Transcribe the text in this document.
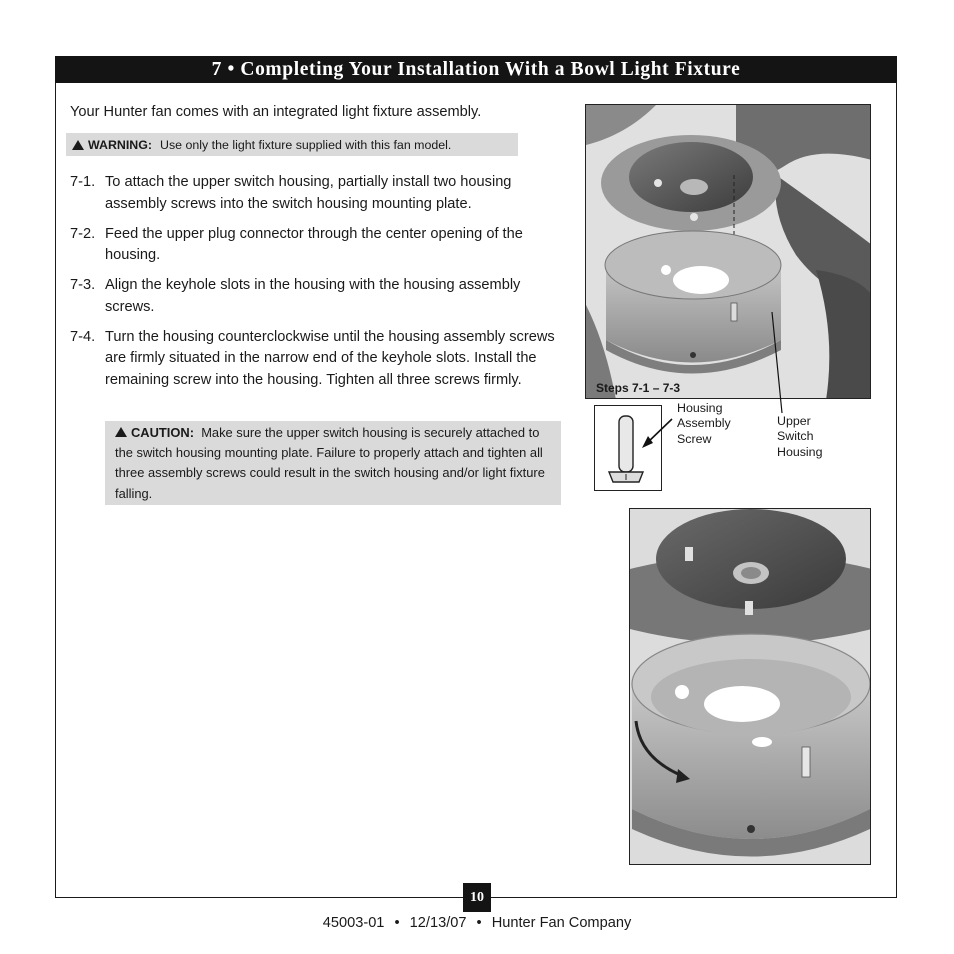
7 • Completing Your Installation With a Bowl Light Fixture

Your Hunter fan comes with an integrated light fixture assembly.

WARNING: Use only the light fixture supplied with this fan model.
7-1. To attach the upper switch housing, partially install two housing assembly screws into the switch housing mounting plate.
7-2. Feed the upper plug connector through the center opening of the housing.
7-3. Align the keyhole slots in the housing with the housing assembly screws.
7-4. Turn the housing counterclockwise until the housing assembly screws are firmly situated in the narrow end of the keyhole slots. Install the remaining screw into the housing. Tighten all three screws firmly.
CAUTION: Make sure the upper switch housing is securely attached to the switch housing mounting plate. Failure to properly attach and tighten all three assembly screws could result in the switch housing and/or light fixture falling.
Steps 7-1 – 7-3
Housing Assembly Screw
Upper Switch Housing
10
45003-01 • 12/13/07 • Hunter Fan Company
